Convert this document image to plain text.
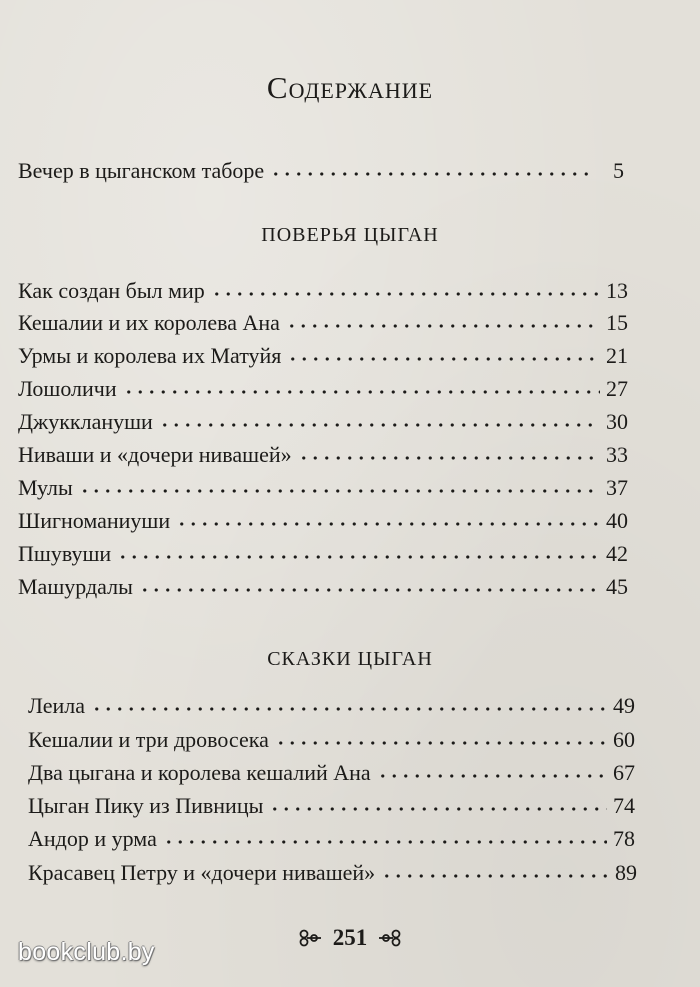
Содержание
Вечер в цыганском таборе	5
ПОВЕРЬЯ ЦЫГАН
Как создан был мир	13
Кешалии и их королева Ана	15
Урмы и королева их Матуйя	21
Лошоличи	27
Джукклануши	30
Ниваши и «дочери нивашей»	33
Мулы	37
Шигноманиуши	40
Пшувуши	42
Машурдалы	45
СКАЗКИ ЦЫГАН
Леила	49
Кешалии и три дровосека	60
Два цыгана и королева кешалий Ана	67
Цыган Пику из Пивницы	74
Андор и урма	78
Красавец Петру и «дочери нивашей»	89
251
bookclub.by
